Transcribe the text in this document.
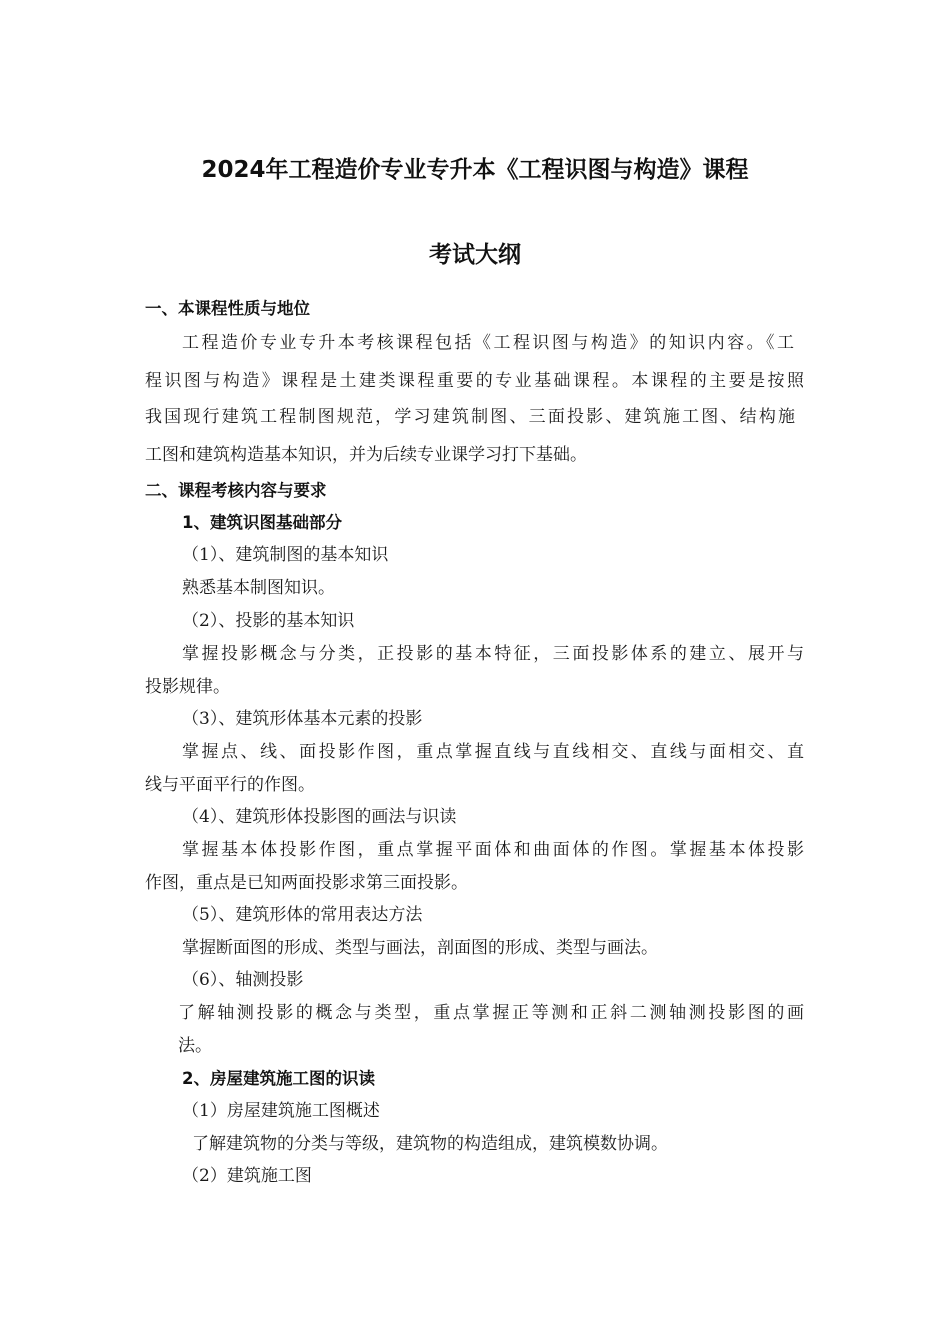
2024年工程造价专业专升本《工程识图与构造》课程
考试大纲
一、本课程性质与地位
工程造价专业专升本考核课程包括《工程识图与构造》的知识内容。《工
程识图与构造》课程是土建类课程重要的专业基础课程。本课程的主要是按照
我国现行建筑工程制图规范，学习建筑制图、三面投影、建筑施工图、结构施
工图和建筑构造基本知识，并为后续专业课学习打下基础。
二、课程考核内容与要求
1、建筑识图基础部分
（1）、建筑制图的基本知识
熟悉基本制图知识。
（2）、投影的基本知识
掌握投影概念与分类，正投影的基本特征，三面投影体系的建立、展开与
投影规律。
（3）、建筑形体基本元素的投影
掌握点、线、面投影作图，重点掌握直线与直线相交、直线与面相交、直
线与平面平行的作图。
（4）、建筑形体投影图的画法与识读
掌握基本体投影作图，重点掌握平面体和曲面体的作图。掌握基本体投影
作图，重点是已知两面投影求第三面投影。
（5）、建筑形体的常用表达方法
掌握断面图的形成、类型与画法，剖面图的形成、类型与画法。
（6）、轴测投影
了解轴测投影的概念与类型，重点掌握正等测和正斜二测轴测投影图的画
法。
2、房屋建筑施工图的识读
（1）房屋建筑施工图概述
了解建筑物的分类与等级，建筑物的构造组成，建筑模数协调。
（2）建筑施工图
